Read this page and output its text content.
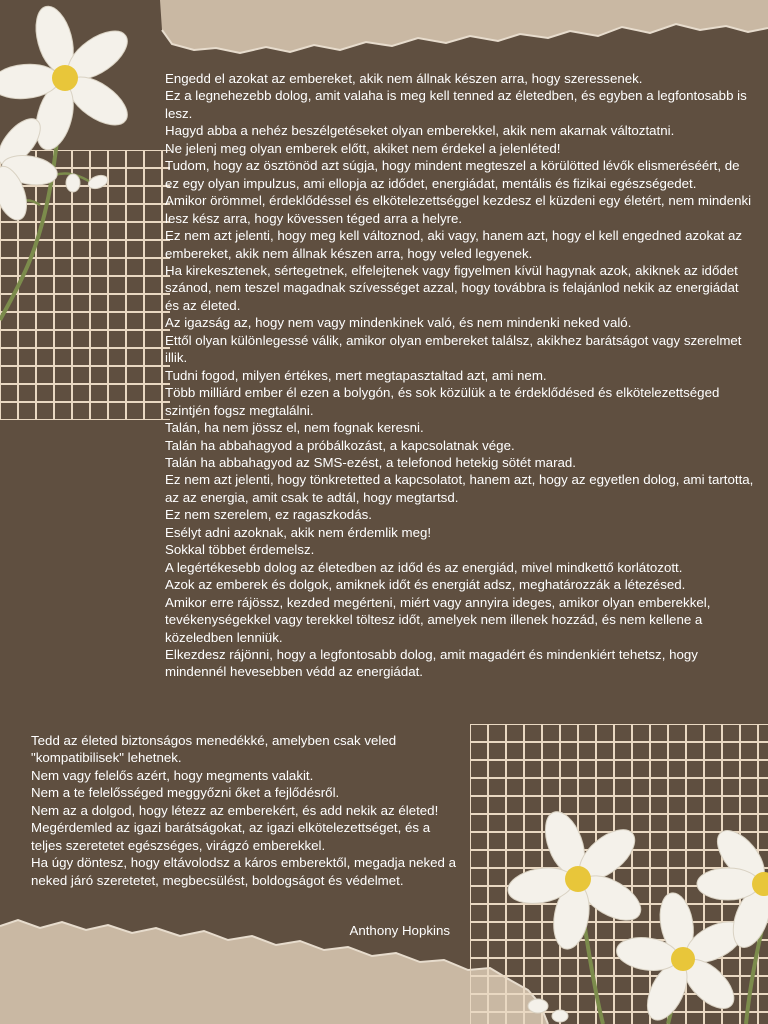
Engedd el azokat az embereket, akik nem állnak készen arra, hogy szeressenek.

Ez a legnehezebb dolog, amit valaha is meg kell tenned az életedben, és egyben a legfontosabb is lesz.

Hagyd abba a nehéz beszélgetéseket olyan emberekkel, akik nem akarnak változtatni.

Ne jelenj meg olyan emberek előtt, akiket nem érdekel a jelenléted!

Tudom, hogy az ösztönöd azt súgja, hogy mindent megteszel a körülötted lévők elismeréséért, de ez egy olyan impulzus, ami ellopja az idődet, energiádat, mentális és fizikai egészségedet.

Amikor örömmel, érdeklődéssel és elkötelezettséggel kezdesz el küzdeni egy életért, nem mindenki lesz kész arra, hogy kövessen téged arra a helyre.

Ez nem azt jelenti, hogy meg kell változnod, aki vagy, hanem azt, hogy el kell engedned azokat az embereket, akik nem állnak készen arra, hogy veled legyenek.

Ha kirekesztenek, sértegetnek, elfelejtenek vagy figyelmen kívül hagynak azok, akiknek az idődet szánod, nem teszel magadnak szívességet azzal, hogy továbbra is felajánlod nekik az energiádat és az életed.

Az igazság az, hogy nem vagy mindenkinek való, és nem mindenki neked való.

Ettől olyan különlegessé válik, amikor olyan embereket találsz, akikhez barátságot vagy szerelmet illik.

Tudni fogod, milyen értékes, mert megtapasztaltad azt, ami nem.

Több milliárd ember él ezen a bolygón, és sok közülük a te érdeklődésed és elkötelezettséged szintjén fogsz megtalálni.

Talán, ha nem jössz el, nem fognak keresni.

Talán ha abbahagyod a próbálkozást, a kapcsolatnak vége.

Talán ha abbahagyod az SMS-ezést, a telefonod hetekig sötét marad.

Ez nem azt jelenti, hogy tönkretetted a kapcsolatot, hanem azt, hogy az egyetlen dolog, ami tartotta, az az energia, amit csak te adtál, hogy megtartsd.

Ez nem szerelem, ez ragaszkodás.

Esélyt adni azoknak, akik nem érdemlik meg!

Sokkal többet érdemelsz.

A legértékesebb dolog az életedben az időd és az energiád, mivel mindkettő korlátozott.

Azok az emberek és dolgok, amiknek időt és energiát adsz, meghatározzák a létezésed.

Amikor erre rájössz, kezded megérteni, miért vagy annyira ideges, amikor olyan emberekkel, tevékenységekkel vagy terekkel töltesz időt, amelyek nem illenek hozzád, és nem kellene a közeledben lenniük.

Elkezdesz rájönni, hogy a legfontosabb dolog, amit magadért és mindenkiért tehetsz, hogy mindennél hevesebben védd az energiádat.

Tedd az életed biztonságos menedékké, amelyben csak veled "kompatibilisek" lehetnek.

Nem vagy felelős azért, hogy megments valakit.

Nem a te felelősséged meggyőzni őket a fejlődésről.

Nem az a dolgod, hogy létezz az emberekért, és add nekik az életed!

Megérdemled az igazi barátságokat, az igazi elkötelezettséget, és a teljes szeretetet egészséges, virágzó emberekkel.

Ha úgy döntesz, hogy eltávolodsz a káros emberektől, megadja neked a neked járó szeretetet, megbecsülést, boldogságot és védelmet.

Anthony Hopkins
